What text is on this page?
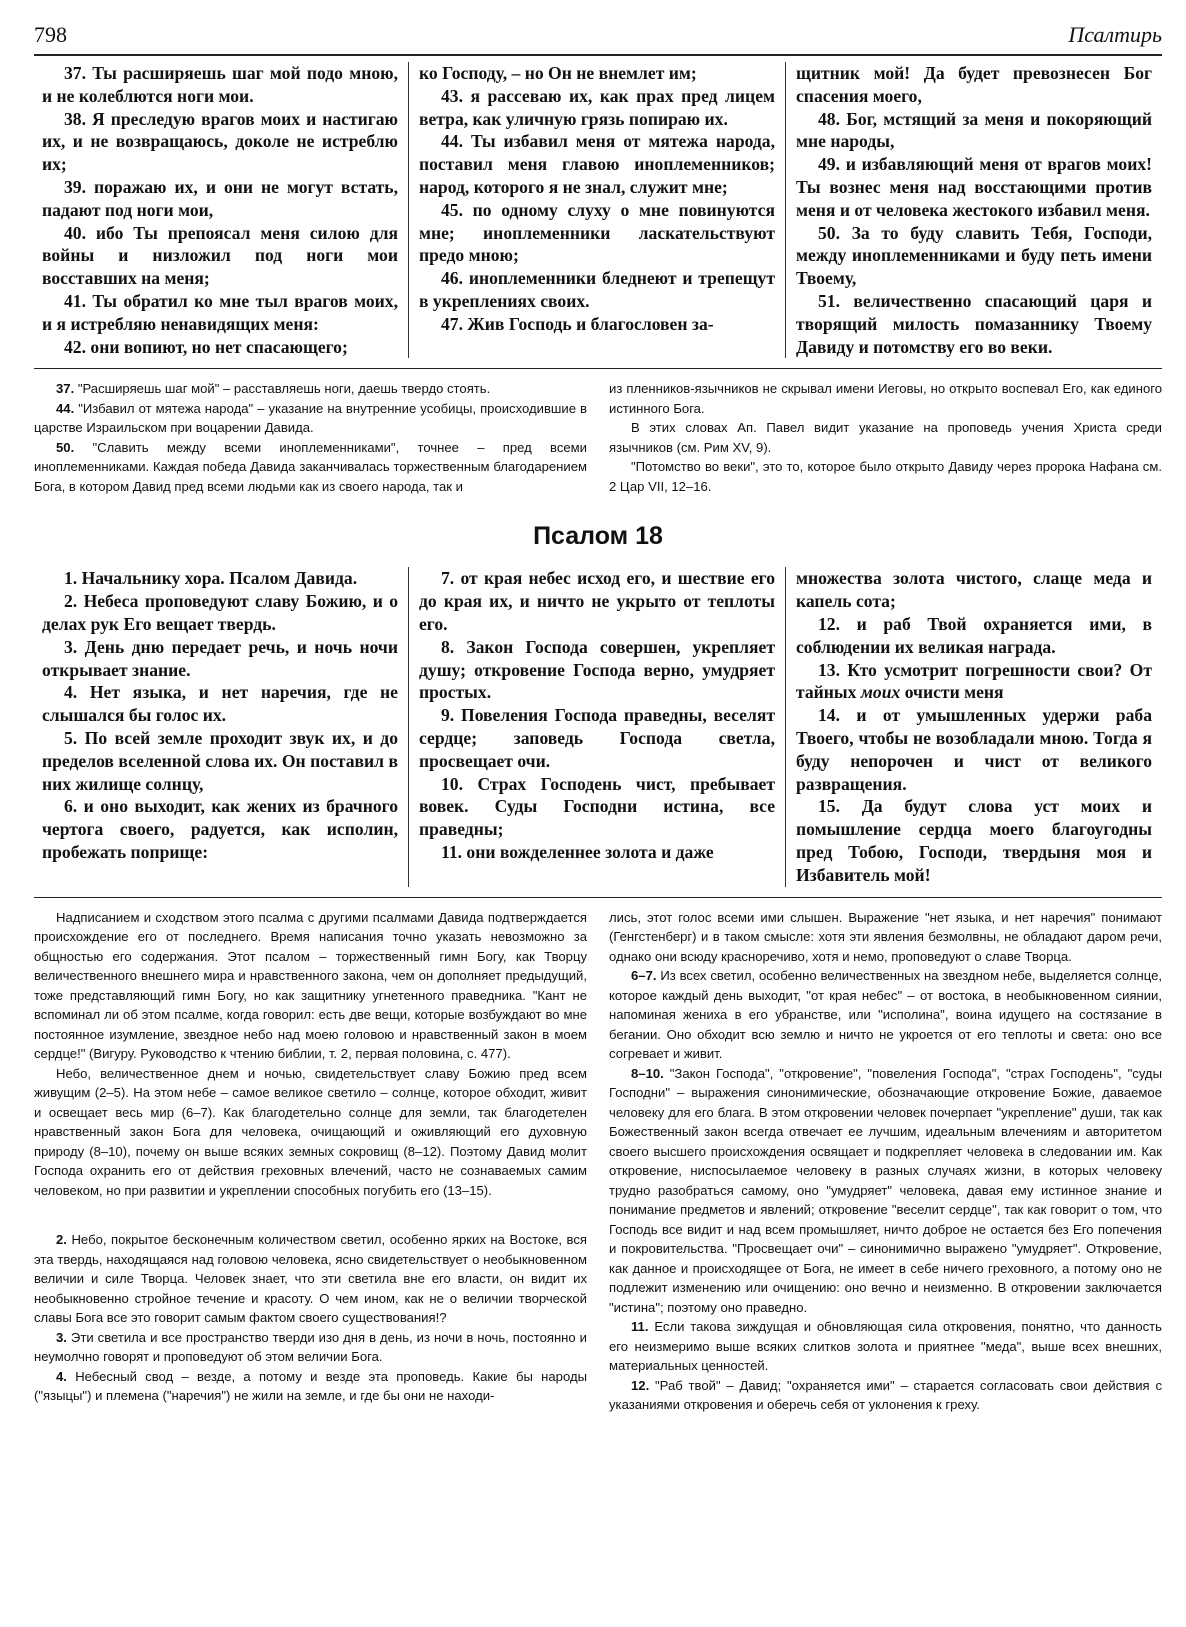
798	Псалтирь

37. Ты расширяешь шаг мой подо мною, и не колеблются ноги мои.

38. Я преследую врагов моих и настигаю их, и не возвращаюсь, доколе не истреблю их;

39. поражаю их, и они не могут встать, падают под ноги мои,

40. ибо Ты препоясал меня силою для войны и низложил под ноги мои восставших на меня;

41. Ты обратил ко мне тыл врагов моих, и я истребляю ненавидящих меня:

42. они вопиют, но нет спасающего;

ко Господу, – но Он не внемлет им;

43. я рассеваю их, как прах пред лицем ветра, как уличную грязь попираю их.

44. Ты избавил меня от мятежа народа, поставил меня главою иноплеменников; народ, которого я не знал, служит мне;

45. по одному слуху о мне повинуются мне; иноплеменники ласкательствуют предо мною;

46. иноплеменники бледнеют и трепещут в укреплениях своих.

47. Жив Господь и благословен за-

щитник мой! Да будет превознесен Бог спасения моего,

48. Бог, мстящий за меня и покоряющий мне народы,

49. и избавляющий меня от врагов моих! Ты вознес меня над восстающими против меня и от человека жестокого избавил меня.

50. За то буду славить Тебя, Господи, между иноплеменниками и буду петь имени Твоему,

51. величественно спасающий царя и творящий милость помазаннику Твоему Давиду и потомству его во веки.

37. "Расширяешь шаг мой" – расставляешь ноги, даешь твердо стоять.

44. "Избавил от мятежа народа" – указание на внутренние усобицы, происходившие в царстве Израильском при воцарении Давида.

50. "Славить между всеми иноплеменниками", точнее – пред всеми иноплеменниками. Каждая победа Давида заканчивалась торжественным благодарением Бога, в котором Давид пред всеми людьми как из своего народа, так и

из пленников-язычников не скрывал имени Иеговы, но открыто воспевал Его, как единого истинного Бога.

В этих словах Ап. Павел видит указание на проповедь учения Христа среди язычников (см. Рим XV, 9).

"Потомство во веки", это то, которое было открыто Давиду через пророка Нафана см. 2 Цар VII, 12–16.

Псалом 18

1. Начальнику хора. Псалом Давида.

2. Небеса проповедуют славу Божию, и о делах рук Его вещает твердь.

3. День дню передает речь, и ночь ночи открывает знание.

4. Нет языка, и нет наречия, где не слышался бы голос их.

5. По всей земле проходит звук их, и до пределов вселенной слова их. Он поставил в них жилище солнцу,

6. и оно выходит, как жених из брачного чертога своего, радуется, как исполин, пробежать поприще:

7. от края небес исход его, и шествие его до края их, и ничто не укрыто от теплоты его.

8. Закон Господа совершен, укрепляет душу; откровение Господа верно, умудряет простых.

9. Повеления Господа праведны, веселят сердце; заповедь Господа светла, просвещает очи.

10. Страх Господень чист, пребывает вовек. Суды Господни истина, все праведны;

11. они вожделеннее золота и даже

множества золота чистого, слаще меда и капель сота;

12. и раб Твой охраняется ими, в соблюдении их великая награда.

13. Кто усмотрит погрешности свои? От тайных моих очисти меня

14. и от умышленных удержи раба Твоего, чтобы не возобладали мною. Тогда я буду непорочен и чист от великого развращения.

15. Да будут слова уст моих и помышление сердца моего благоугодны пред Тобою, Господи, твердыня моя и Избавитель мой!

Надписанием и сходством этого псалма с другими псалмами Давида подтверждается происхождение его от последнего. Время написания точно указать невозможно за общностью его содержания. Этот псалом – торжественный гимн Богу, как Творцу величественного внешнего мира и нравственного закона, чем он дополняет предыдущий, тоже представляющий гимн Богу, но как защитнику угнетенного праведника. "Кант не вспоминал ли об этом псалме, когда говорил: есть две вещи, которые возбуждают во мне постоянное изумление, звездное небо над моею головою и нравственный закон в моем сердце!" (Вигуру. Руководство к чтению библии, т. 2, первая половина, с. 477).

Небо, величественное днем и ночью, свидетельствует славу Божию пред всем живущим (2–5). На этом небе – самое великое светило – солнце, которое обходит, живит и освещает весь мир (6–7). Как благодетельно солнце для земли, так благодетелен нравственный закон Бога для человека, очищающий и оживляющий его духовную природу (8–10), почему он выше всяких земных сокровищ (8–12). Поэтому Давид молит Господа охранить его от действия греховных влечений, часто не сознаваемых самим человеком, но при развитии и укреплении способных погубить его (13–15).

2. Небо, покрытое бесконечным количеством светил, особенно ярких на Востоке, вся эта твердь, находящаяся над головою человека, ясно свидетельствует о необыкновенном величии и силе Творца. Человек знает, что эти светила вне его власти, он видит их необыкновенно стройное течение и красоту. О чем ином, как не о величии творческой славы Бога все это говорит самым фактом своего существования!?

3. Эти светила и все пространство тверди изо дня в день, из ночи в ночь, постоянно и неумолчно говорят и проповедуют об этом величии Бога.

4. Небесный свод – везде, а потому и везде эта проповедь. Какие бы народы ("языцы") и племена ("наречия") не жили на земле, и где бы они не находи-

лись, этот голос всеми ими слышен. Выражение "нет языка, и нет наречия" понимают (Генгстенберг) и в таком смысле: хотя эти явления безмолвны, не обладают даром речи, однако они всюду красноречиво, хотя и немо, проповедуют о славе Творца.

6–7. Из всех светил, особенно величественных на звездном небе, выделяется солнце, которое каждый день выходит, "от края небес" – от востока, в необыкновенном сиянии, напоминая жениха в его убранстве, или "исполина", воина идущего на состязание в бегании. Оно обходит всю землю и ничто не укроется от его теплоты и света: оно все согревает и живит.

8–10. "Закон Господа", "откровение", "повеления Господа", "страх Господень", "суды Господни" – выражения синонимические, обозначающие откровение Божие, даваемое человеку для его блага. В этом откровении человек почерпает "укрепление" души, так как Божественный закон всегда отвечает ее лучшим, идеальным влечениям и авторитетом своего высшего происхождения освящает и подкрепляет человека в следовании им. Как откровение, ниспосылаемое человеку в разных случаях жизни, в которых человеку трудно разобраться самому, оно "умудряет" человека, давая ему истинное знание и понимание предметов и явлений; откровение "веселит сердце", так как говорит о том, что Господь все видит и над всем промышляет, ничто доброе не остается без Его попечения и покровительства. "Просвещает очи" – синонимично выражено "умудряет". Откровение, как данное и происходящее от Бога, не имеет в себе ничего греховного, а потому оно не подлежит изменению или очищению: оно вечно и неизменно. В откровении заключается "истина"; поэтому оно праведно.

11. Если такова зиждущая и обновляющая сила откровения, понятно, что данность его неизмеримо выше всяких слитков золота и приятнее "меда", выше всех внешних, материальных ценностей.

12. "Раб твой" – Давид; "охраняется ими" – старается согласовать свои действия с указаниями откровения и оберечь себя от уклонения к греху.
